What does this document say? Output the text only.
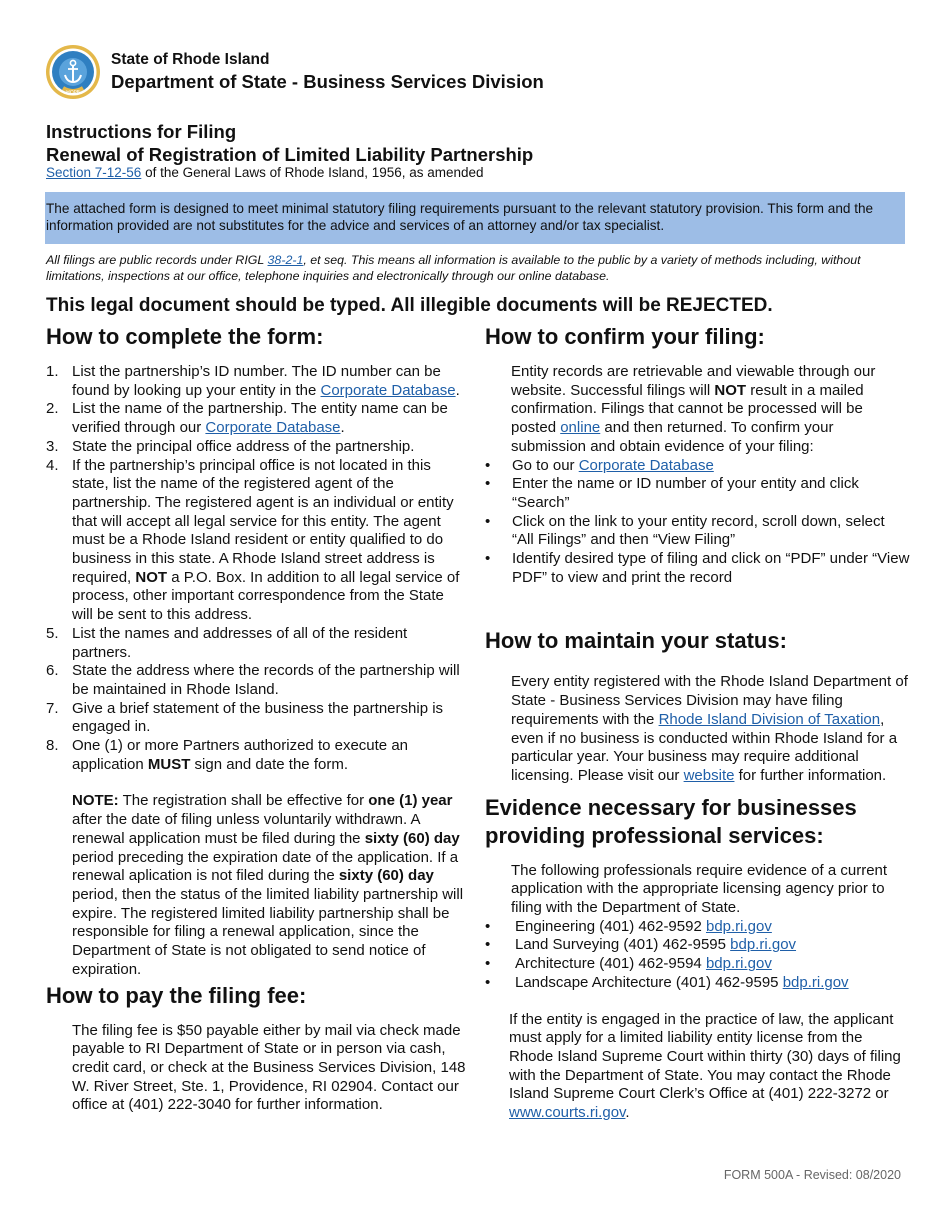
HOPE
State of Rhode Island
Department of State - Business Services Division
Instructions for Filing
Renewal of Registration of Limited Liability Partnership
Section 7-12-56 of the General Laws of Rhode Island, 1956, as amended
The attached form is designed to meet minimal statutory filing requirements pursuant to the relevant statutory provision. This form and the information provided are not substitutes for the advice and services of an attorney and/or tax specialist.
All filings are public records under RIGL 38-2-1, et seq. This means all information is available to the public by a variety of methods including, without limitations, inspections at our office, telephone inquiries and electronically through our online database.
This legal document should be typed. All illegible documents will be REJECTED.
How to complete the form:
1. List the partnership’s ID number. The ID number can be found by looking up your entity in the Corporate Database.
2. List the name of the partnership. The entity name can be verified through our Corporate Database.
3. State the principal office address of the partnership.
4. If the partnership’s principal office is not located in this state, list the name of the registered agent of the partnership. The registered agent is an individual or entity that will accept all legal service for this entity. The agent must be a Rhode Island resident or entity qualified to do business in this state. A Rhode Island street address is required, NOT a P.O. Box. In addition to all legal service of process, other important correspondence from the State will be sent to this address.
5. List the names and addresses of all of the resident partners.
6. State the address where the records of the partnership will be maintained in Rhode Island.
7. Give a brief statement of the business the partnership is engaged in.
8. One (1) or more Partners authorized to execute an application MUST sign and date the form.
NOTE: The registration shall be effective for one (1) year after the date of filing unless voluntarily withdrawn. A renewal application must be filed during the sixty (60) day period preceding the expiration date of the application. If a renewal aplication is not filed during the sixty (60) day period, then the status of the limited liability partnership will expire. The registered limited liability partnership shall be responsible for filing a renewal application, since the Department of State is not obligated to send notice of expiration.
How to pay the filing fee:
The filing fee is $50 payable either by mail via check made payable to RI Department of State or in person via cash, credit card, or check at the Business Services Division, 148 W. River Street, Ste. 1, Providence, RI 02904. Contact our office at (401) 222-3040 for further information.
How to confirm your filing:
Entity records are retrievable and viewable through our website. Successful filings will NOT result in a mailed confirmation. Filings that cannot be processed will be posted online and then returned. To confirm your submission and obtain evidence of your filing:
• Go to our Corporate Database
• Enter the name or ID number of your entity and click “Search”
• Click on the link to your entity record, scroll down, select “All Filings” and then “View Filing”
• Identify desired type of filing and click on “PDF” under “View PDF” to view and print the record
How to maintain your status:
Every entity registered with the Rhode Island Department of State - Business Services Division may have filing requirements with the Rhode Island Division of Taxation, even if no business is conducted within Rhode Island for a particular year. Your business may require additional licensing. Please visit our website for further information.
Evidence necessary for businesses providing professional services:
The following professionals require evidence of a current application with the appropriate licensing agency prior to filing with the Department of State.
• Engineering (401) 462-9592 bdp.ri.gov
• Land Surveying (401) 462-9595 bdp.ri.gov
• Architecture (401) 462-9594 bdp.ri.gov
• Landscape Architecture (401) 462-9595 bdp.ri.gov
If the entity is engaged in the practice of law, the applicant must apply for a limited liability entity license from the Rhode Island Supreme Court within thirty (30) days of filing with the Department of State. You may contact the Rhode Island Supreme Court Clerk’s Office at (401) 222-3272 or www.courts.ri.gov.
FORM 500A - Revised: 08/2020
